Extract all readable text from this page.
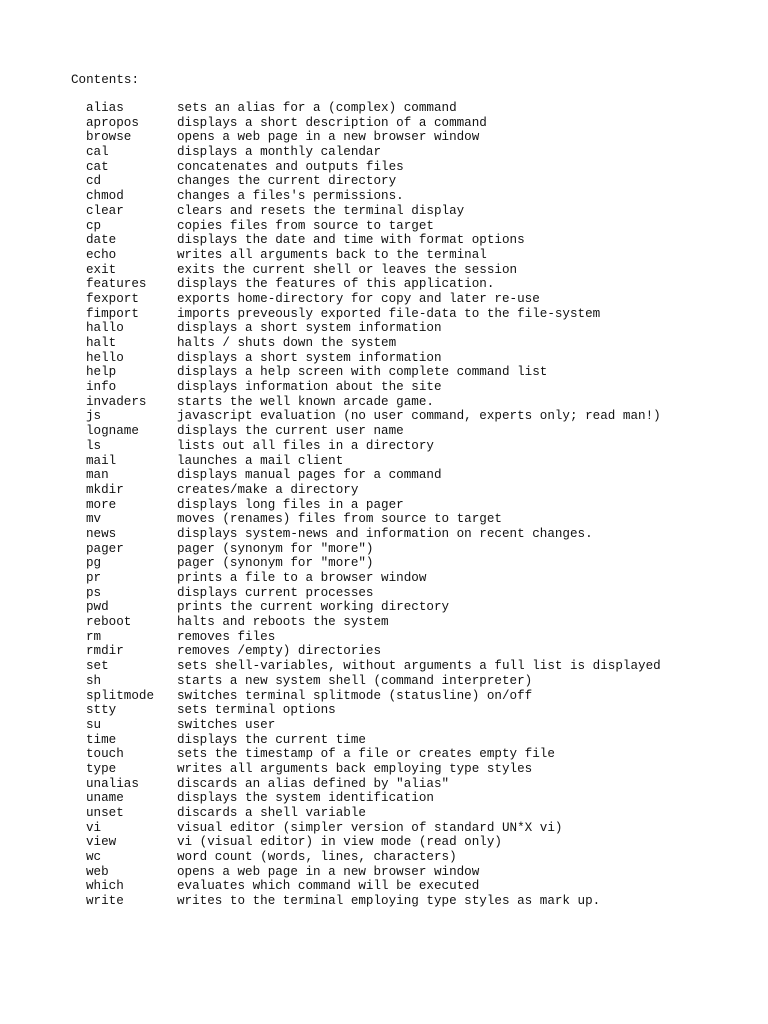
Contents:
alias	sets an alias for a (complex) command
apropos	displays a short description of a command
browse	opens a web page in a new browser window
cal	displays a monthly calendar
cat	concatenates and outputs files
cd	changes the current directory
chmod	changes a files's permissions.
clear	clears and resets the terminal display
cp	copies files from source to target
date	displays the date and time with format options
echo	writes all arguments back to the terminal
exit	exits the current shell or leaves the session
features	displays the features of this application.
fexport	exports home-directory for copy and later re-use
fimport	imports preveously exported file-data to the file-system
hallo	displays a short system information
halt	halts / shuts down the system
hello	displays a short system information
help	displays a help screen with complete command list
info	displays information about the site
invaders	starts the well known arcade game.
js	javascript evaluation (no user command, experts only; read man!)
logname	displays the current user name
ls	lists out all files in a directory
mail	launches a mail client
man	displays manual pages for a command
mkdir	creates/make a directory
more	displays long files in a pager
mv	moves (renames) files from source to target
news	displays system-news and information on recent changes.
pager	pager (synonym for "more")
pg	pager (synonym for "more")
pr	prints a file to a browser window
ps	displays current processes
pwd	prints the current working directory
reboot	halts and reboots the system
rm	removes files
rmdir	removes /empty) directories
set	sets shell-variables, without arguments a full list is displayed
sh	starts a new system shell (command interpreter)
splitmode	switches terminal splitmode (statusline) on/off
stty	sets terminal options
su	switches user
time	displays the current time
touch	sets the timestamp of a file or creates empty file
type	writes all arguments back employing type styles
unalias	discards an alias defined by "alias"
uname	displays the system identification
unset	discards a shell variable
vi	visual editor (simpler version of standard UN*X vi)
view	vi (visual editor) in view mode (read only)
wc	word count (words, lines, characters)
web	opens a web page in a new browser window
which	evaluates which command will be executed
write	writes to the terminal employing type styles as mark up.
